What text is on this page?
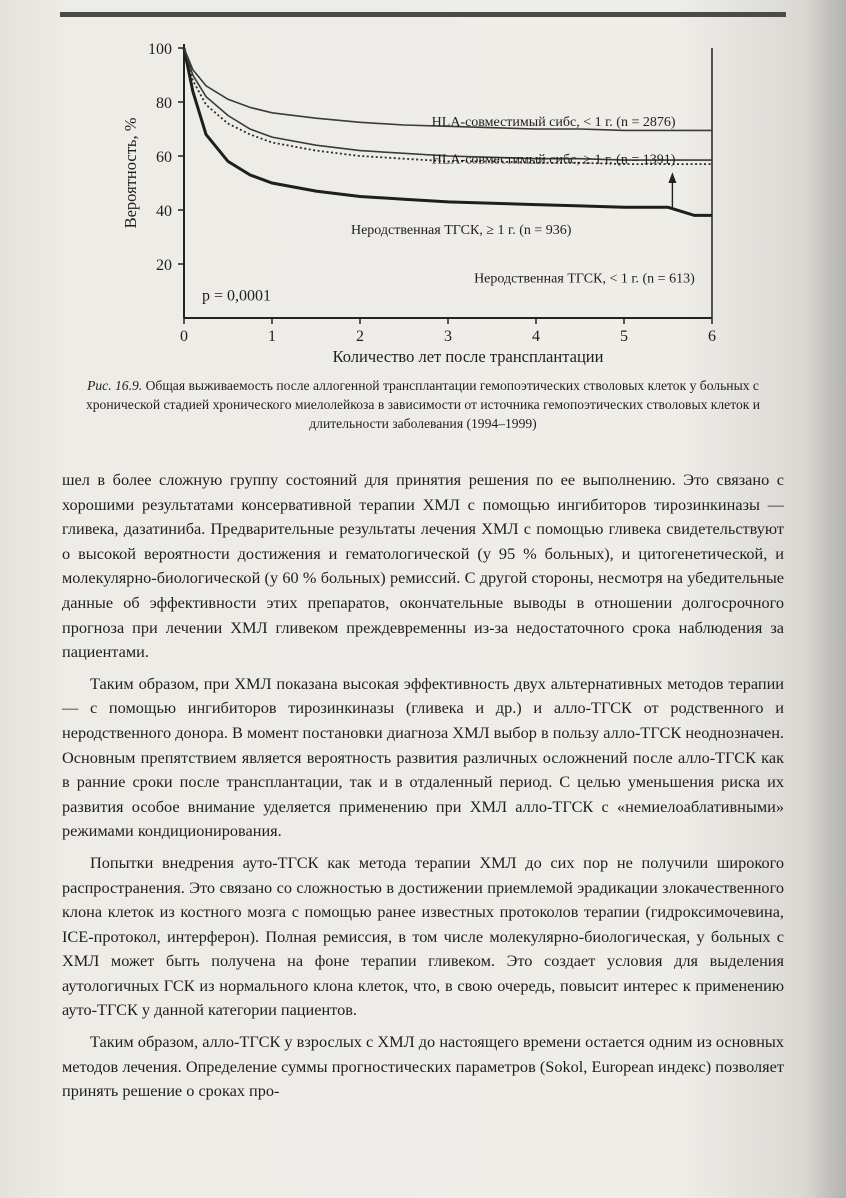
0	1	2	3	4	5	6
100
80
60
40
20
Количество лет после трансплантации
Вероятность, %
p = 0,0001
HLA-совместимый сибс, < 1 г. (n = 2876)
HLA-совместимый сибс, ≥ 1 г. (n = 1391)
Неродственная ТГСК, ≥ 1 г. (n = 936)
Неродственная ТГСК, < 1 г. (n = 613)
Рис. 16.9. Общая выживаемость после аллогенной трансплантации гемопоэтических стволовых клеток у больных с хронической стадией хронического миелолейкоза в зависимости от источника гемопоэтических стволовых клеток и длительности заболевания (1994–1999)

шел в более сложную группу состояний для принятия решения по ее выполнению. Это связано с хорошими результатами консервативной терапии ХМЛ с помощью ингибиторов тирозинкиназы — гливека, дазатиниба. Предварительные результаты лечения ХМЛ с помощью гливека свидетельствуют о высокой вероятности достижения и гематологической (у 95 % больных), и цитогенетической, и молекулярно-биологической (у 60 % больных) ремиссий. С другой стороны, несмотря на убедительные данные об эффективности этих препаратов, окончательные выводы в отношении долгосрочного прогноза при лечении ХМЛ гливеком преждевременны из-за недостаточного срока наблюдения за пациентами.

Таким образом, при ХМЛ показана высокая эффективность двух альтернативных методов терапии — с помощью ингибиторов тирозинкиназы (гливека и др.) и алло-ТГСК от родственного и неродственного донора. В момент постановки диагноза ХМЛ выбор в пользу алло-ТГСК неоднозначен. Основным препятствием является вероятность развития различных осложнений после алло-ТГСК как в ранние сроки после трансплантации, так и в отдаленный период. С целью уменьшения риска их развития особое внимание уделяется применению при ХМЛ алло-ТГСК с «немиелоаблативными» режимами кондиционирования.

Попытки внедрения ауто-ТГСК как метода терапии ХМЛ до сих пор не получили широкого распространения. Это связано со сложностью в достижении приемлемой эрадикации злокачественного клона клеток из костного мозга с помощью ранее известных протоколов терапии (гидроксимочевина, ICE-протокол, интерферон). Полная ремиссия, в том числе молекулярно-биологическая, у больных с ХМЛ может быть получена на фоне терапии гливеком. Это создает условия для выделения аутологичных ГСК из нормального клона клеток, что, в свою очередь, повысит интерес к применению ауто-ТГСК у данной категории пациентов.

Таким образом, алло-ТГСК у взрослых с ХМЛ до настоящего времени остается одним из основных методов лечения. Определение суммы прогностических параметров (Sokol, European индекс) позволяет принять решение о сроках про-
